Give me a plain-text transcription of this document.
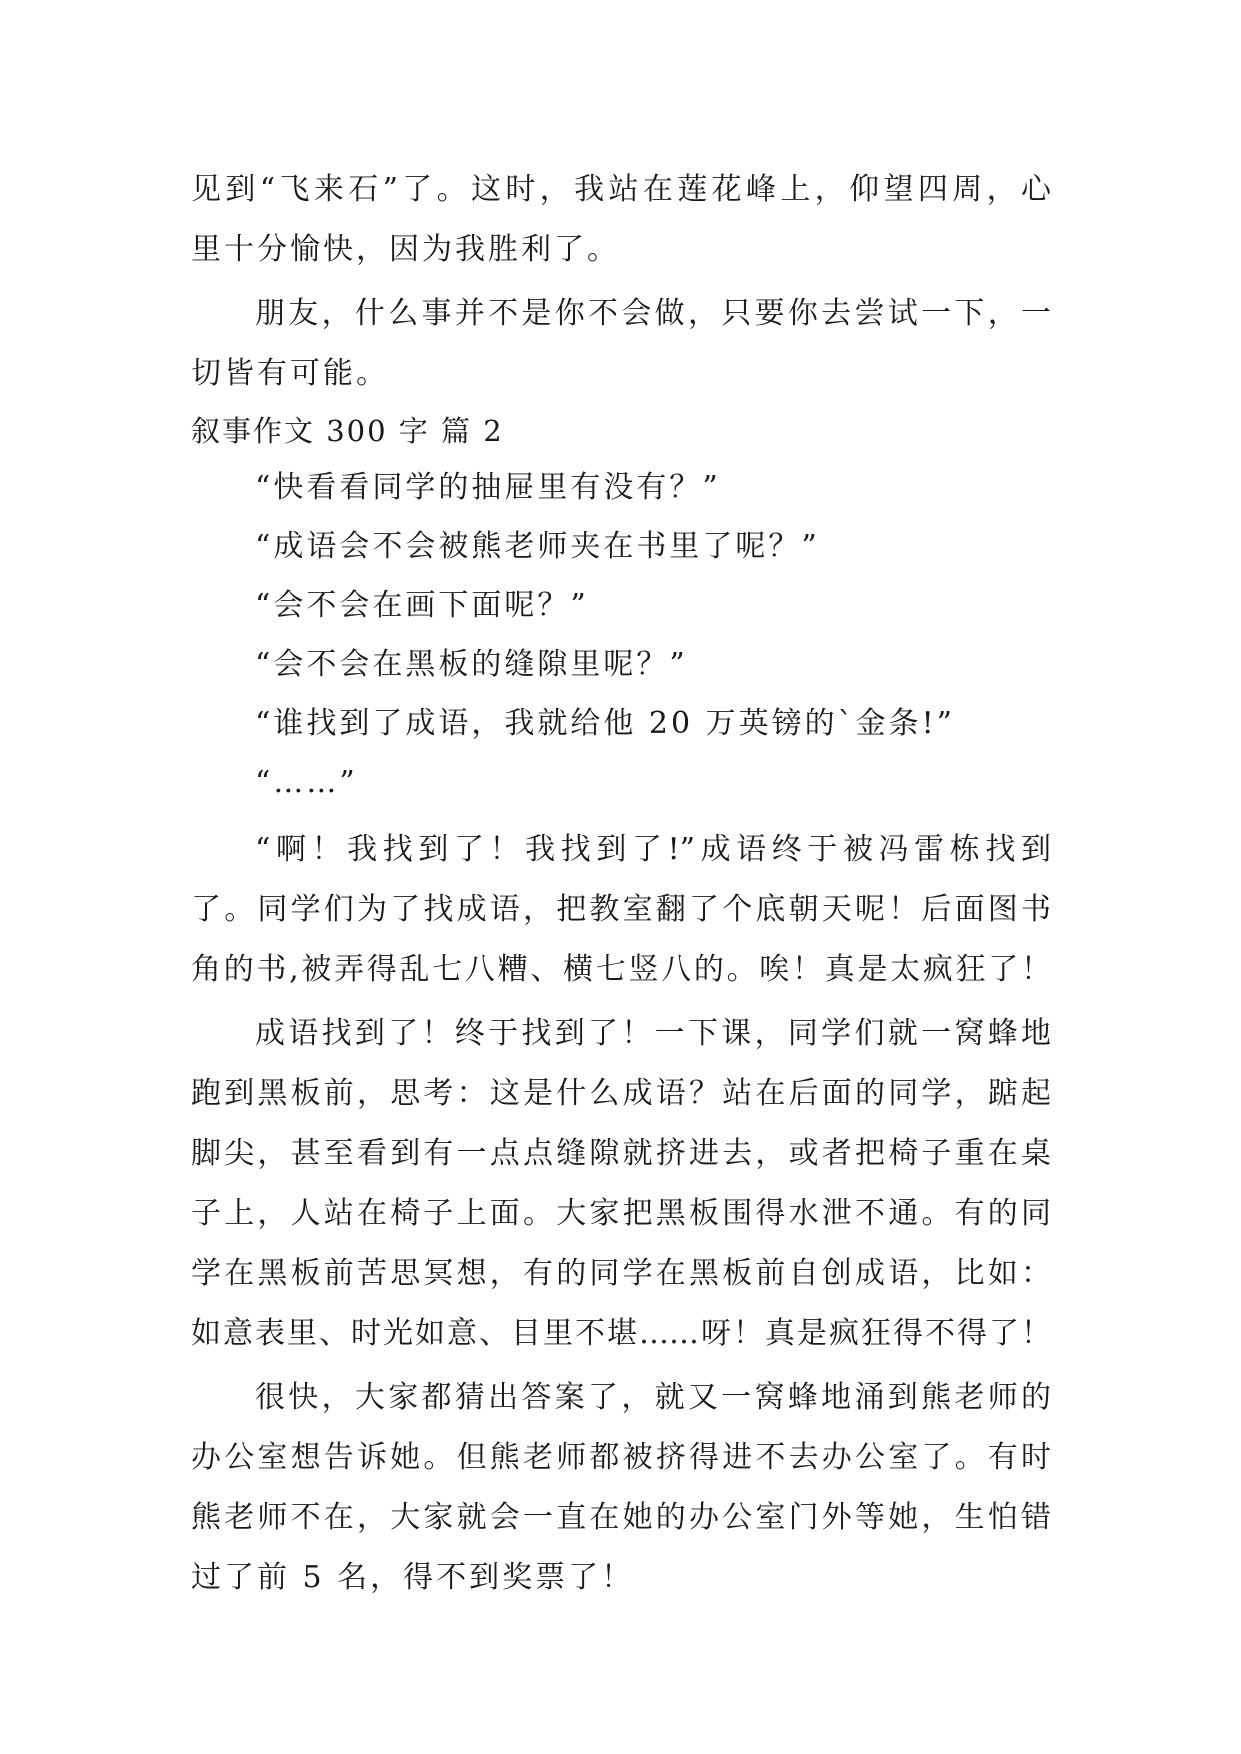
见到“飞来石”了。这时，我站在莲花峰上，仰望四周，心
里十分愉快，因为我胜利了。
朋友，什么事并不是你不会做，只要你去尝试一下，一
切皆有可能。
叙事作文 300 字 篇 2
“快看看同学的抽屉里有没有？”
“成语会不会被熊老师夹在书里了呢？”
“会不会在画下面呢？”
“会不会在黑板的缝隙里呢？”
“谁找到了成语，我就给他 20 万英镑的`金条!”
“……”
“啊！我找到了！我找到了!”成语终于被冯雷栋找到
了。同学们为了找成语，把教室翻了个底朝天呢！后面图书
角的书,被弄得乱七八糟、横七竖八的。唉！真是太疯狂了！
成语找到了！终于找到了！一下课，同学们就一窝蜂地
跑到黑板前，思考：这是什么成语？站在后面的同学，踮起
脚尖，甚至看到有一点点缝隙就挤进去，或者把椅子重在桌
子上，人站在椅子上面。大家把黑板围得水泄不通。有的同
学在黑板前苦思冥想，有的同学在黑板前自创成语，比如：
如意表里、时光如意、目里不堪……呀！真是疯狂得不得了！
很快，大家都猜出答案了，就又一窝蜂地涌到熊老师的
办公室想告诉她。但熊老师都被挤得进不去办公室了。有时
熊老师不在，大家就会一直在她的办公室门外等她，生怕错
过了前 5 名，得不到奖票了！
